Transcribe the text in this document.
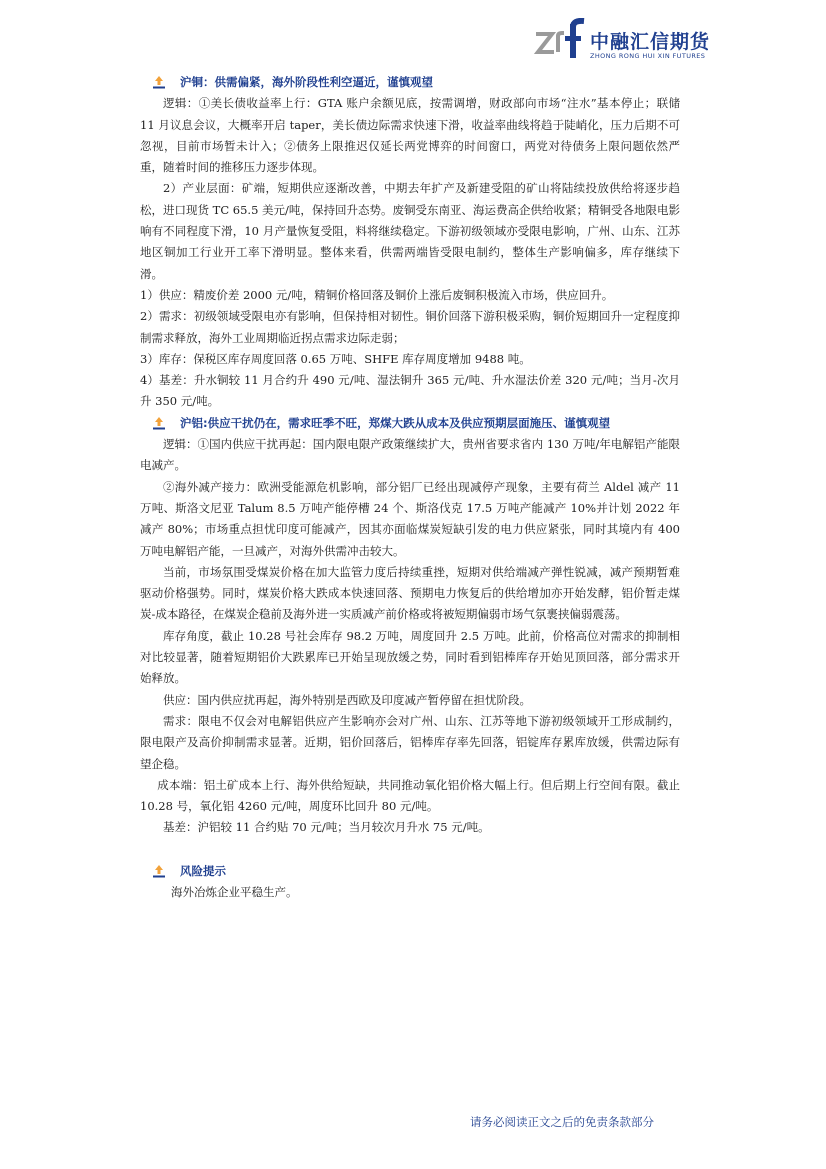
中融汇信期货
ZHONG RONG HUI XIN FUTURES
沪铜：供需偏紧，海外阶段性利空逼近，谨慎观望

逻辑：①美长债收益率上行：GTA 账户余额见底，按需调增，财政部向市场“注水”基本停止；联储 11 月议息会议，大概率开启 taper，美长债边际需求快速下滑，收益率曲线将趋于陡峭化，压力后期不可忽视，目前市场暂未计入；②债务上限推迟仅延长两党博弈的时间窗口，两党对待债务上限问题依然严重，随着时间的推移压力逐步体现。

2）产业层面：矿端，短期供应逐渐改善，中期去年扩产及新建受阻的矿山将陆续投放供给将逐步趋松，进口现货 TC 65.5 美元/吨，保持回升态势。废铜受东南亚、海运费高企供给收紧；精铜受各地限电影响有不同程度下滑，10 月产量恢复受阻，料将继续稳定。下游初级领域亦受限电影响，广州、山东、江苏地区铜加工行业开工率下滑明显。整体来看，供需两端皆受限电制约，整体生产影响偏多，库存继续下滑。

1）供应：精废价差 2000 元/吨，精铜价格回落及铜价上涨后废铜积极流入市场，供应回升。

2）需求：初级领域受限电亦有影响，但保持相对韧性。铜价回落下游积极采购，铜价短期回升一定程度抑制需求释放，海外工业周期临近拐点需求边际走弱；

3）库存：保税区库存周度回落 0.65 万吨、SHFE 库存周度增加 9488 吨。

4）基差：升水铜较 11 月合约升 490 元/吨、湿法铜升 365 元/吨、升水湿法价差 320 元/吨；当月-次月升 350 元/吨。

沪铝:供应干扰仍在，需求旺季不旺，郑煤大跌从成本及供应预期层面施压、谨慎观望

逻辑：①国内供应干扰再起：国内限电限产政策继续扩大，贵州省要求省内 130 万吨/年电解铝产能限电减产。

②海外减产接力：欧洲受能源危机影响，部分铝厂已经出现减停产现象，主要有荷兰 Aldel 减产 11 万吨、斯洛文尼亚 Talum 8.5 万吨产能停槽 24 个、斯洛伐克 17.5 万吨产能减产 10%并计划 2022 年减产 80%；市场重点担忧印度可能减产，因其亦面临煤炭短缺引发的电力供应紧张，同时其境内有 400 万吨电解铝产能，一旦减产，对海外供需冲击较大。

当前，市场氛围受煤炭价格在加大监管力度后持续重挫，短期对供给端减产弹性锐减，减产预期暂难驱动价格强势。同时，煤炭价格大跌成本快速回落、预期电力恢复后的供给增加亦开始发酵，铝价暂走煤炭-成本路径，在煤炭企稳前及海外进一实质减产前价格或将被短期偏弱市场气氛裹挟偏弱震荡。

库存角度，截止 10.28 号社会库存 98.2 万吨，周度回升 2.5 万吨。此前，价格高位对需求的抑制相对比较显著，随着短期铝价大跌累库已开始呈现放缓之势，同时看到铝棒库存开始见顶回落，部分需求开始释放。

供应：国内供应扰再起，海外特别是西欧及印度减产暂停留在担忧阶段。

需求：限电不仅会对电解铝供应产生影响亦会对广州、山东、江苏等地下游初级领域开工形成制约，限电限产及高价抑制需求显著。近期，铝价回落后，铝棒库存率先回落，铝锭库存累库放缓，供需边际有望企稳。

成本端：铝土矿成本上行、海外供给短缺，共同推动氧化铝价格大幅上行。但后期上行空间有限。截止 10.28 号，氧化铝 4260 元/吨，周度环比回升 80 元/吨。

基差：沪铝较 11 合约贴 70 元/吨；当月较次月升水 75 元/吨。

风险提示

海外冶炼企业平稳生产。

请务必阅读正文之后的免责条款部分
